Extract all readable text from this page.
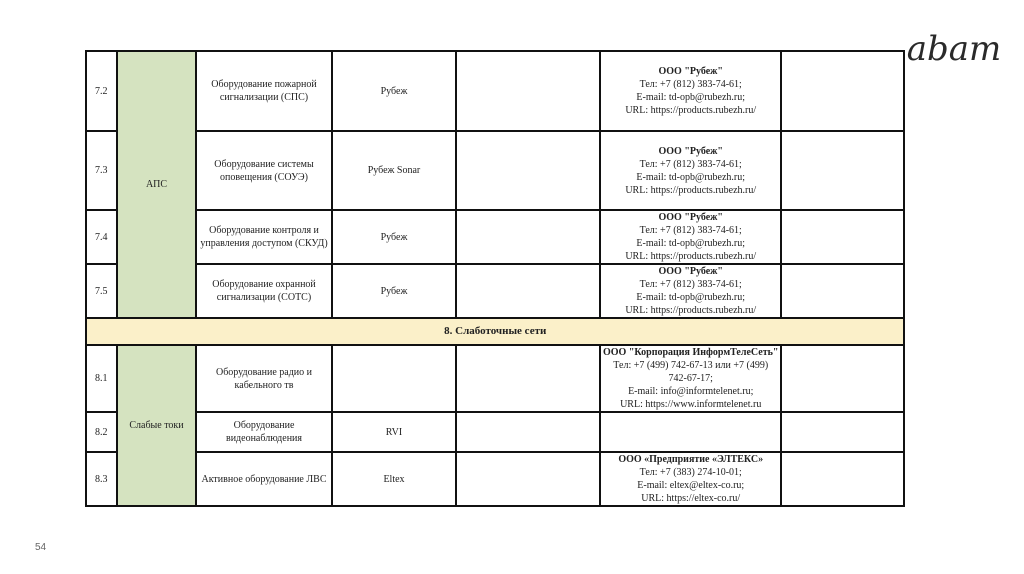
abam
7.2	АПС	Оборудование пожарной сигнализации (СПС)	Рубеж		ООО "Рубеж"
Тел: +7 (812) 383-74-61;
E-mail: td-opb@rubezh.ru;
URL: https://products.rubezh.ru/	

7.3		Оборудование системы оповещения (СОУЭ)	Рубеж Sonar		ООО "Рубеж"
Тел: +7 (812) 383-74-61;
E-mail: td-opb@rubezh.ru;
URL: https://products.rubezh.ru/	

7.4		Оборудование контроля и управления доступом (СКУД)	Рубеж		ООО "Рубеж"
Тел: +7 (812) 383-74-61;
E-mail: td-opb@rubezh.ru;
URL: https://products.rubezh.ru/	

7.5		Оборудование охранной сигнализации (СОТС)	Рубеж		ООО "Рубеж"
Тел: +7 (812) 383-74-61;
E-mail: td-opb@rubezh.ru;
URL: https://products.rubezh.ru/	

8. Слаботочные сети						
8.1	Слабые токи	Оборудование радио и кабельного тв			ООО "Корпорация ИнформТелеСеть"
Тел: +7 (499) 742-67-13 или +7 (499) 742-67-17;
E-mail: info@informtelenet.ru;
URL: https://www.informtelenet.ru	

8.2		Оборудование видеонаблюдения	RVI		

8.3		Активное оборудование ЛВС	Eltex		ООО «Предприятие «ЭЛТЕКС»
Тел: +7 (383) 274-10-01;
E-mail: eltex@eltex-co.ru;
URL: https://eltex-co.ru/	

54
